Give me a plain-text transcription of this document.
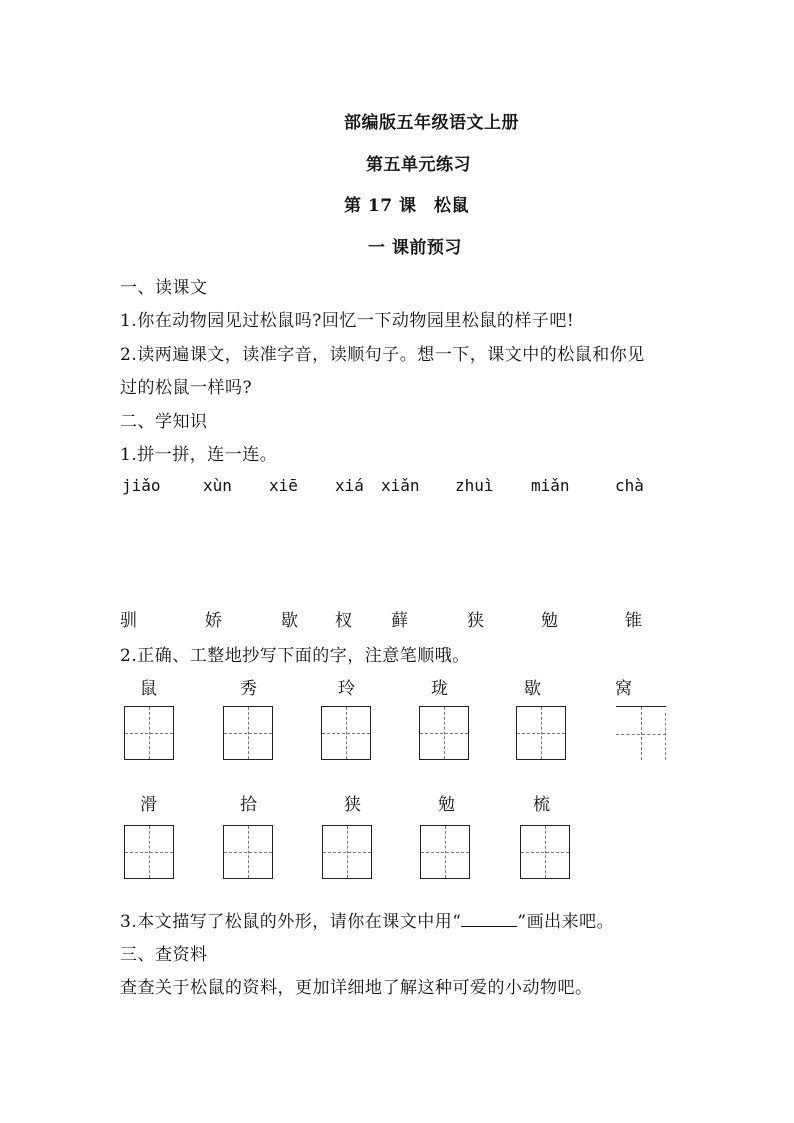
部编版五年级语文上册
第五单元练习
第 17 课　松鼠
一 课前预习
一、读课文
1.你在动物园见过松鼠吗?回忆一下动物园里松鼠的样子吧!
2.读两遍课文，读准字音，读顺句子。想一下，课文中的松鼠和你见
过的松鼠一样吗?
二、学知识
1.拼一拼，连一连。
jiǎo	xùn xiē xiá xiǎn zhuì miǎn	chà
驯	娇	歇 杈 藓	狭	勉	锥
2.正确、工整地抄写下面的字，注意笔顺哦。
鼠	秀	玲	珑	歇	窝
滑	拾	狭	勉	梳
3.本文描写了松鼠的外形，请你在课文中用“	”画出来吧。
三、查资料
查查关于松鼠的资料，更加详细地了解这种可爱的小动物吧。
